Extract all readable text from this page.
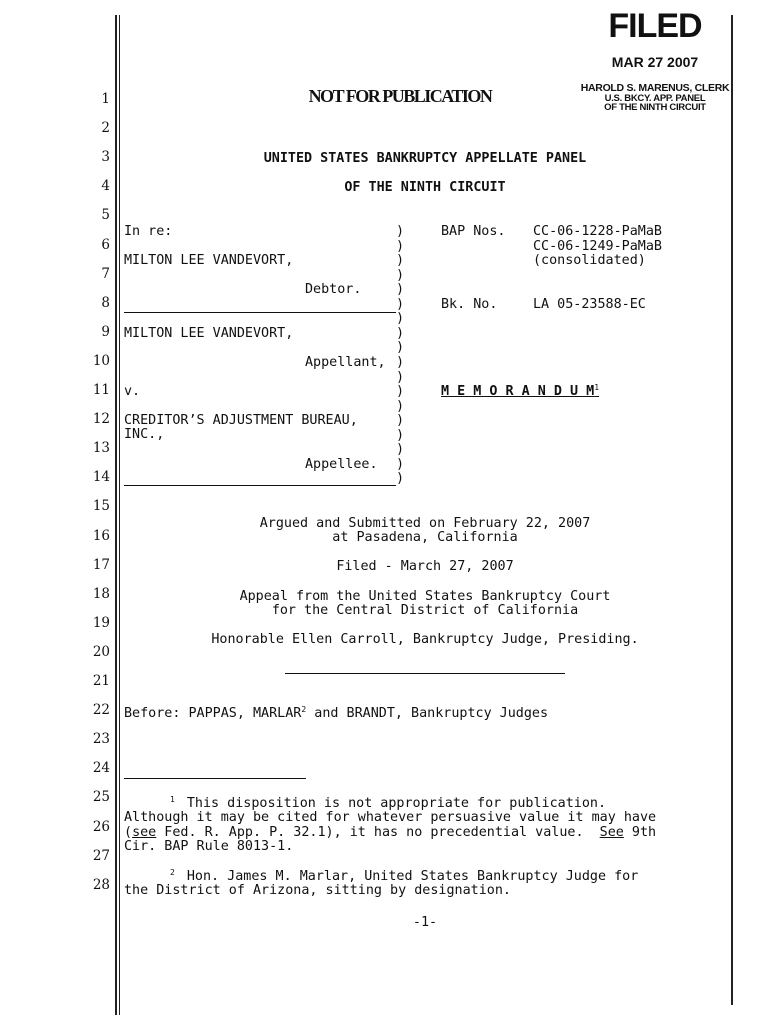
FILED
MAR 27 2007
HAROLD S. MARENUS, CLERK
U.S. BKCY. APP. PANEL
OF THE NINTH CIRCUIT
1
2
3
4
5
6
7
8
9
10
11
12
13
14
15
16
17
18
19
20
21
22
23
24
25
26
27
28
NOT FOR PUBLICATION
UNITED STATES BANKRUPTCY APPELLATE PANEL
OF THE NINTH CIRCUIT
In re:
MILTON LEE VANDEVORT,
Debtor.
MILTON LEE VANDEVORT,
Appellant,
v.
CREDITOR’S ADJUSTMENT BUREAU,
INC.,
Appellee.
)
)
)
)
)
)
)
)
)
)
)
)
)
)
)
)
)
)
BAP Nos. CC-06-1228-PaMaB
CC-06-1249-PaMaB
(consolidated)
Bk. No.	LA 05-23588-EC
M E M O R A N D U $M^1$
Argued and Submitted on February 22, 2007
at Pasadena, California
Filed - March 27, 2007
Appeal from the United States Bankruptcy Court
for the Central District of California
Honorable Ellen Carroll, Bankruptcy Judge, Presiding.
Before: PAPPAS, MARLAR$^2$ and BRANDT, Bankruptcy Judges
$^1$ This disposition is not appropriate for publication.
Although it may be cited for whatever persuasive value it may have
(see Fed. R. App. P. 32.1), it has no precedential value.  See 9th
Cir. BAP Rule 8013-1.
$^2$ Hon. James M. Marlar, United States Bankruptcy Judge for
the District of Arizona, sitting by designation.
-1-
